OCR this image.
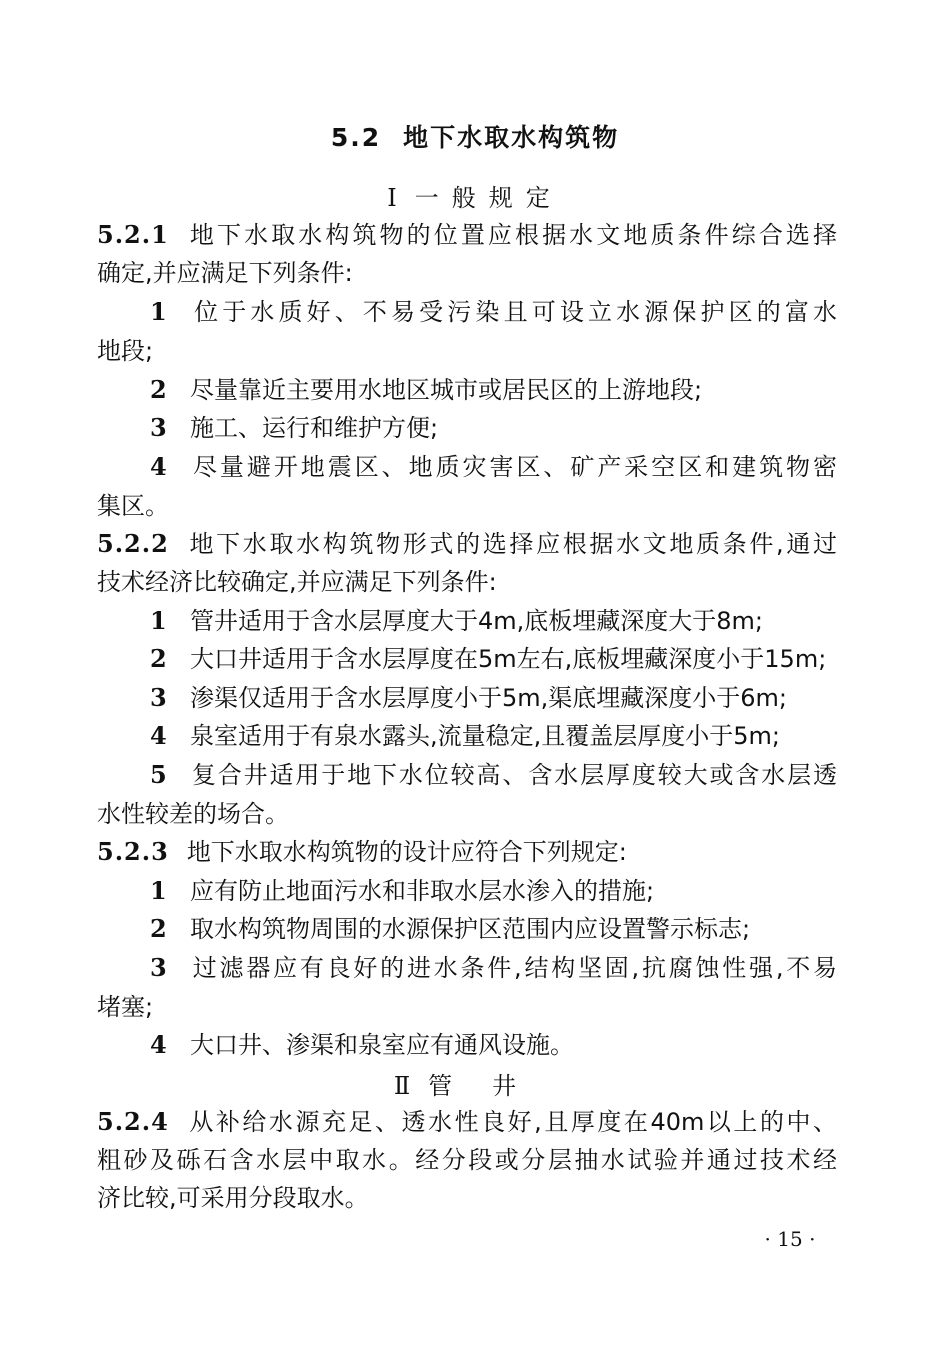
5.2 地下水取水构筑物
Ⅰ 一般规定
5.2.1 地下水取水构筑物的位置应根据水文地质条件综合选择
确定,并应满足下列条件:
1 位于水质好、不易受污染且可设立水源保护区的富水
地段;
2 尽量靠近主要用水地区城市或居民区的上游地段;
3 施工、运行和维护方便;
4 尽量避开地震区、地质灾害区、矿产采空区和建筑物密
集区。
5.2.2 地下水取水构筑物形式的选择应根据水文地质条件,通过
技术经济比较确定,并应满足下列条件:
1 管井适用于含水层厚度大于4m,底板埋藏深度大于8m;
2 大口井适用于含水层厚度在5m左右,底板埋藏深度小于15m;
3 渗渠仅适用于含水层厚度小于5m,渠底埋藏深度小于6m;
4 泉室适用于有泉水露头,流量稳定,且覆盖层厚度小于5m;
5 复合井适用于地下水位较高、含水层厚度较大或含水层透
水性较差的场合。
5.2.3 地下水取水构筑物的设计应符合下列规定:
1 应有防止地面污水和非取水层水渗入的措施;
2 取水构筑物周围的水源保护区范围内应设置警示标志;
3 过滤器应有良好的进水条件,结构坚固,抗腐蚀性强,不易
堵塞;
4 大口井、渗渠和泉室应有通风设施。
Ⅱ 管井
5.2.4 从补给水源充足、透水性良好,且厚度在40m以上的中、
粗砂及砾石含水层中取水。经分段或分层抽水试验并通过技术经
济比较,可采用分段取水。
· 15 ·
